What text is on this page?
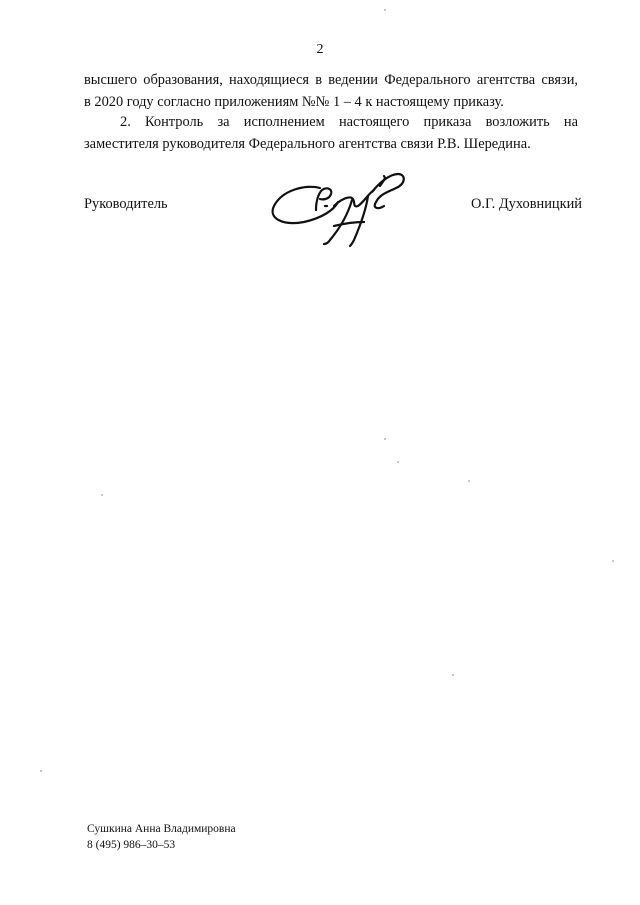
2
высшего образования, находящиеся в ведении Федерального агентства связи,
в 2020 году согласно приложениям №№ 1 – 4 к настоящему приказу.
2. Контроль за исполнением настоящего приказа возложить на
заместителя руководителя Федерального агентства связи Р.В. Шередина.
Руководитель	О.Г. Духовницкий
Сушкина Анна Владимировна
8 (495) 986–30–53
